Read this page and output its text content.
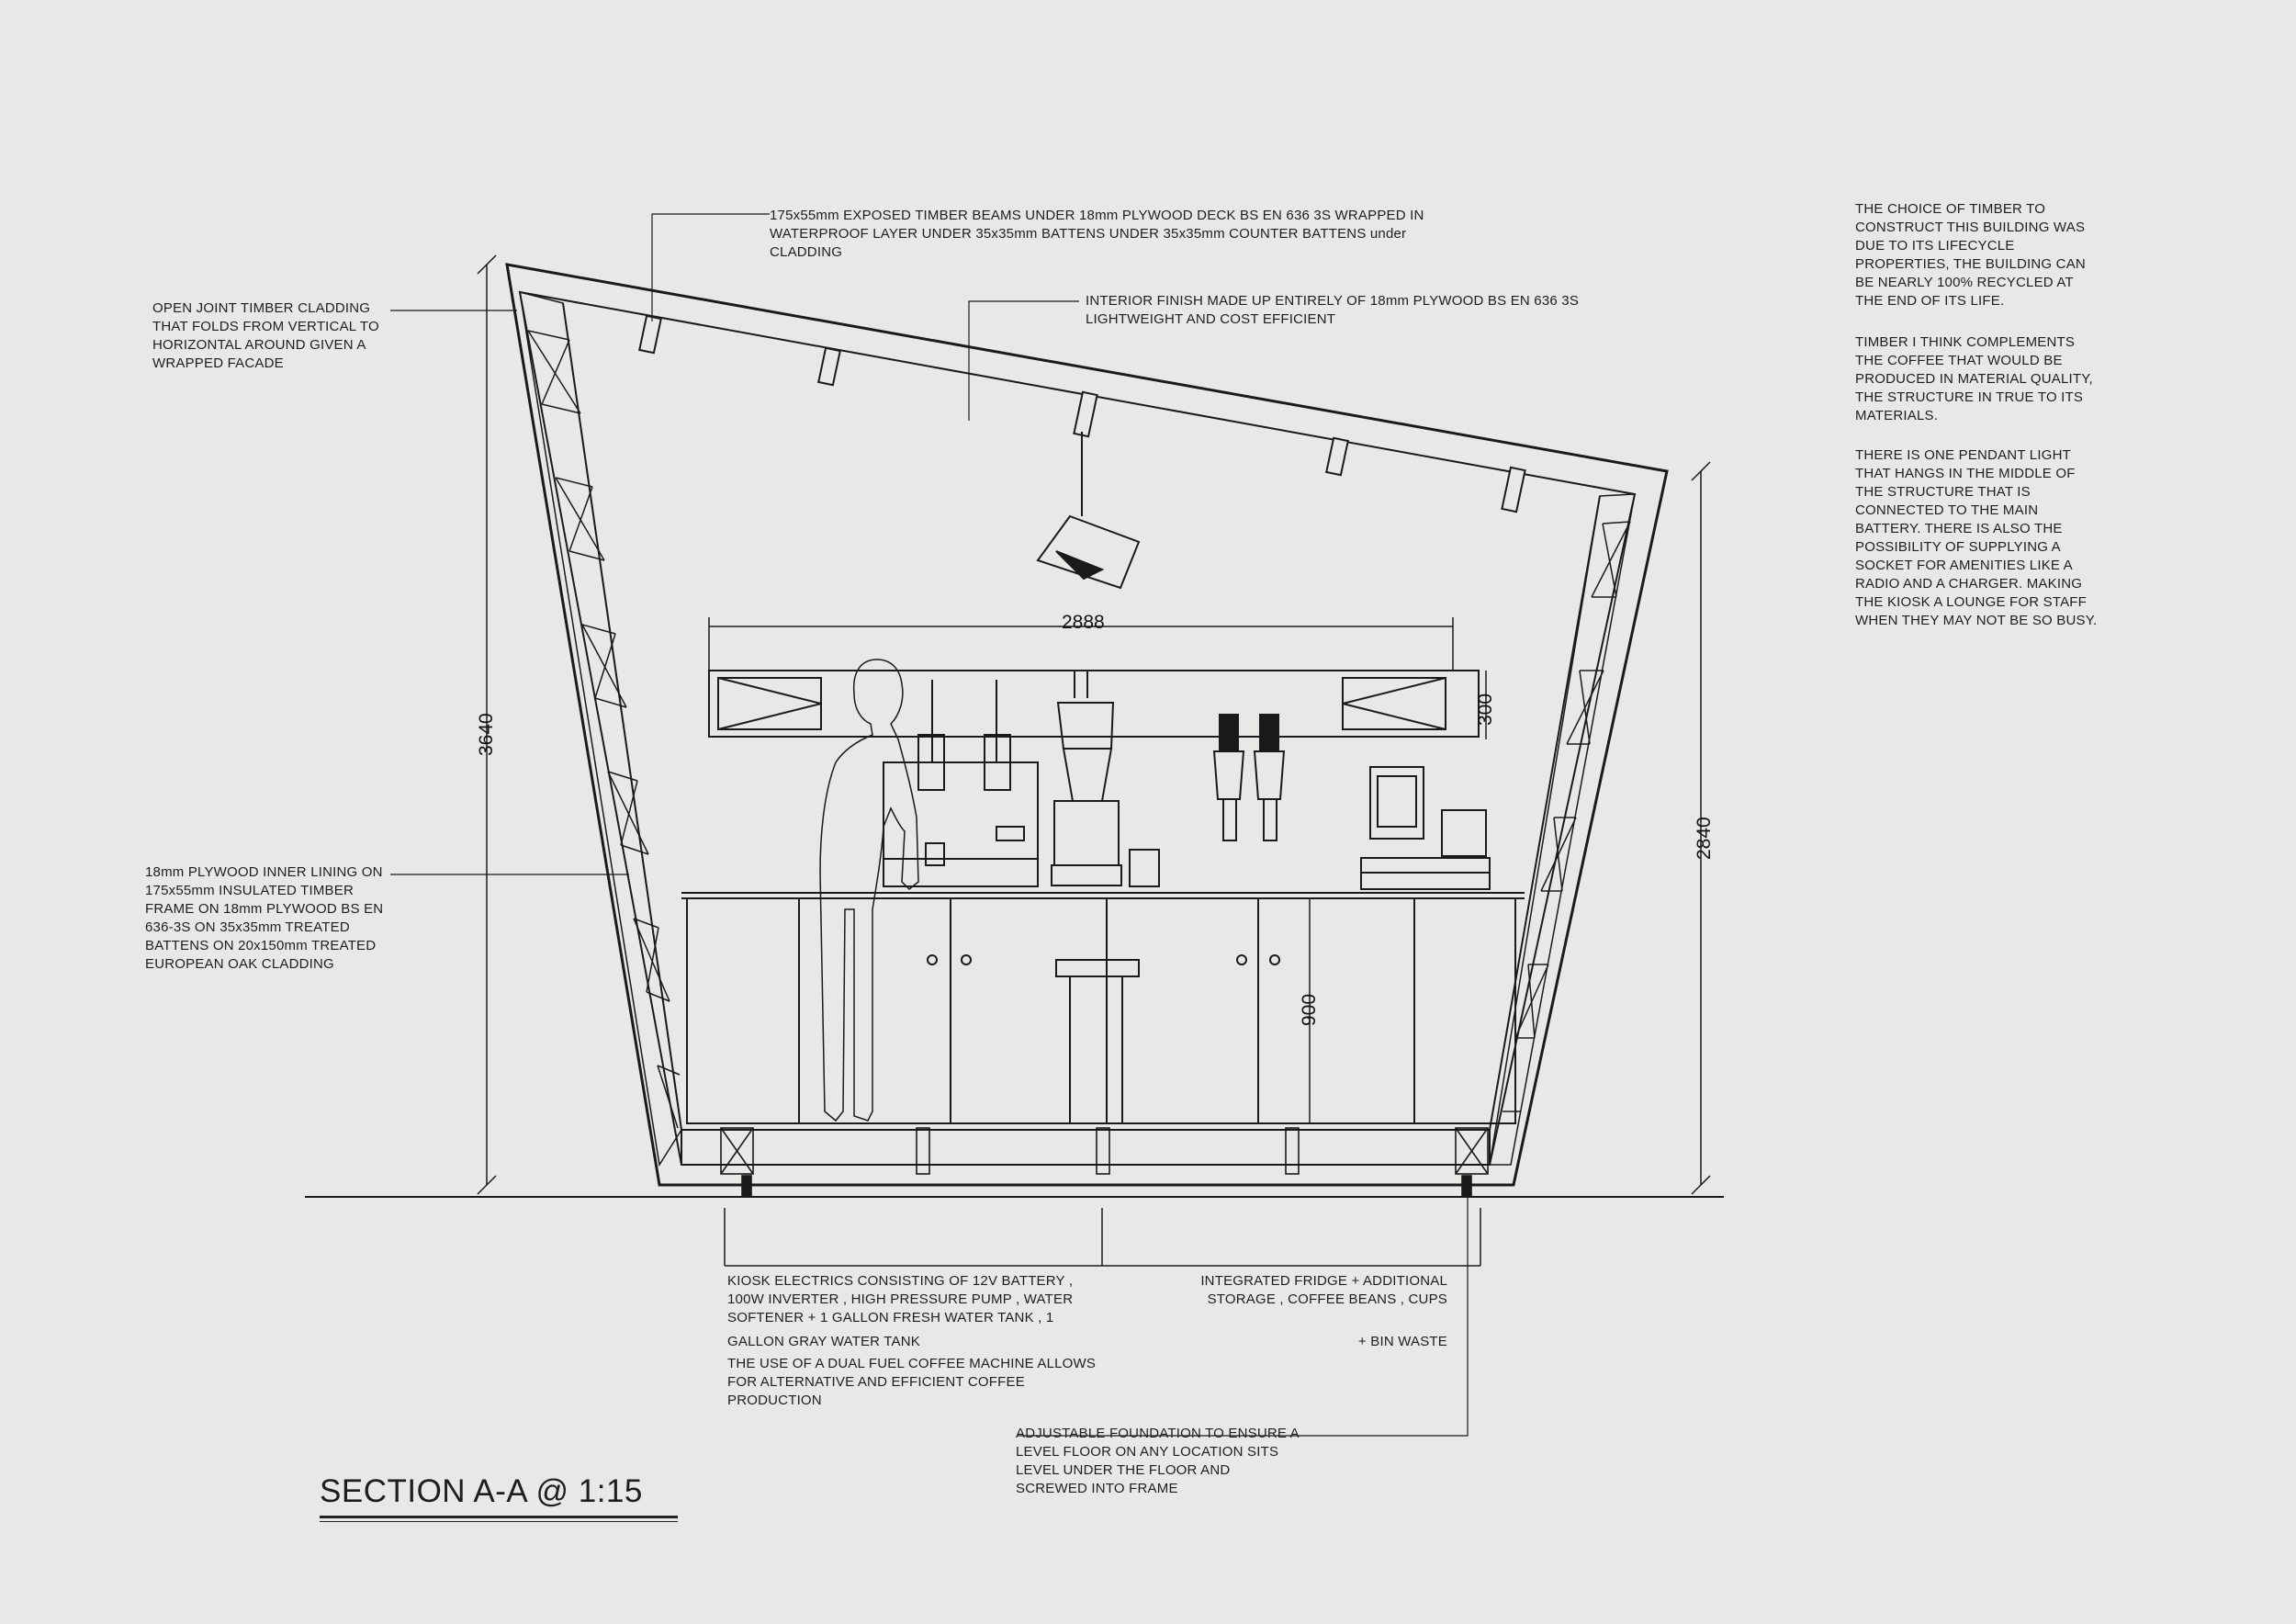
2888
3640
2840
300
900

175x55mm EXPOSED TIMBER BEAMS UNDER 18mm PLYWOOD DECK BS EN 636 3S WRAPPED IN WATERPROOF LAYER UNDER 35x35mm BATTENS UNDER 35x35mm COUNTER BATTENS under CLADDING

INTERIOR FINISH MADE UP ENTIRELY OF 18mm PLYWOOD BS EN 636 3S LIGHTWEIGHT AND COST EFFICIENT

OPEN JOINT TIMBER CLADDING THAT FOLDS FROM VERTICAL TO HORIZONTAL AROUND GIVEN A WRAPPED FACADE

18mm PLYWOOD INNER LINING ON 175x55mm INSULATED TIMBER FRAME ON 18mm PLYWOOD BS EN 636-3S ON 35x35mm TREATED BATTENS ON 20x150mm TREATED EUROPEAN OAK CLADDING

KIOSK ELECTRICS CONSISTING OF 12V BATTERY , 100W INVERTER , HIGH PRESSURE PUMP , WATER SOFTENER + 1 GALLON FRESH WATER TANK , 1

GALLON GRAY WATER TANK

THE USE OF A DUAL FUEL COFFEE MACHINE ALLOWS FOR ALTERNATIVE AND EFFICIENT COFFEE PRODUCTION

INTEGRATED FRIDGE + ADDITIONAL STORAGE , COFFEE BEANS , CUPS

+ BIN WASTE

ADJUSTABLE FOUNDATION TO ENSURE A LEVEL FLOOR ON ANY LOCATION SITS LEVEL UNDER THE FLOOR AND SCREWED INTO FRAME

THE CHOICE OF TIMBER TO CONSTRUCT THIS BUILDING WAS DUE TO ITS LIFECYCLE PROPERTIES, THE BUILDING CAN BE NEARLY 100% RECYCLED AT THE END OF ITS LIFE.

TIMBER I THINK COMPLEMENTS THE COFFEE THAT WOULD BE PRODUCED IN MATERIAL QUALITY, THE STRUCTURE IN TRUE TO ITS MATERIALS.

THERE IS ONE PENDANT LIGHT THAT HANGS IN THE MIDDLE OF THE STRUCTURE THAT IS CONNECTED TO THE MAIN BATTERY. THERE IS ALSO THE POSSIBILITY OF SUPPLYING A SOCKET FOR AMENITIES LIKE A RADIO AND A CHARGER. MAKING THE KIOSK A LOUNGE FOR STAFF WHEN THEY MAY NOT BE SO BUSY.

SECTION A-A @ 1:15
